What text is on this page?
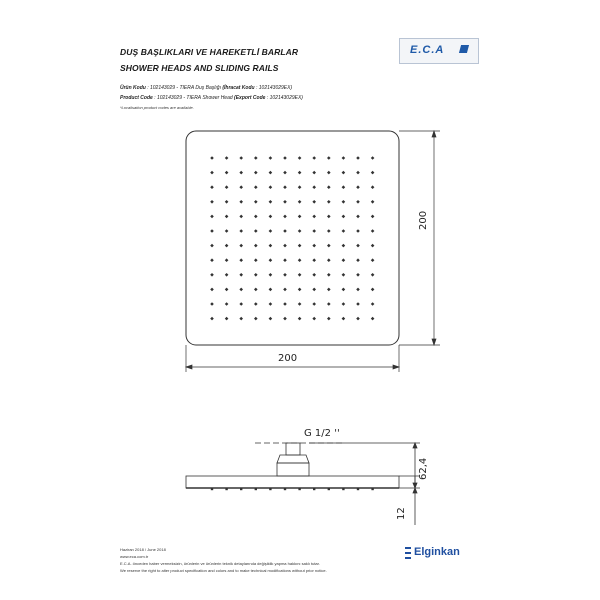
DUŞ BAŞLIKLARI VE HAREKETLİ BARLAR
SHOWER HEADS AND SLIDING RAILS
E.C.A
Ürün Kodu : 102143029 - TIERA Duş Başlığı (İhracat Kodu : 102143029EX)
Product Code : 102143029 - TIERA Shower Head (Export Code : 102143029EX)
*Localisation product codes are available.
200
200
G 1/2 ''
62,4
12
Haziran 2018 / June 2018
www.eca.com.tr
E.C.A. önceden haber vermeksizin, ürünlerin ve ürünlerin teknik detaylarında değişiklik yapma hakkını saklı tutar.
We reserve the right to alter product specification and colors and to make technical modifications without prior notice.
Elginkan
